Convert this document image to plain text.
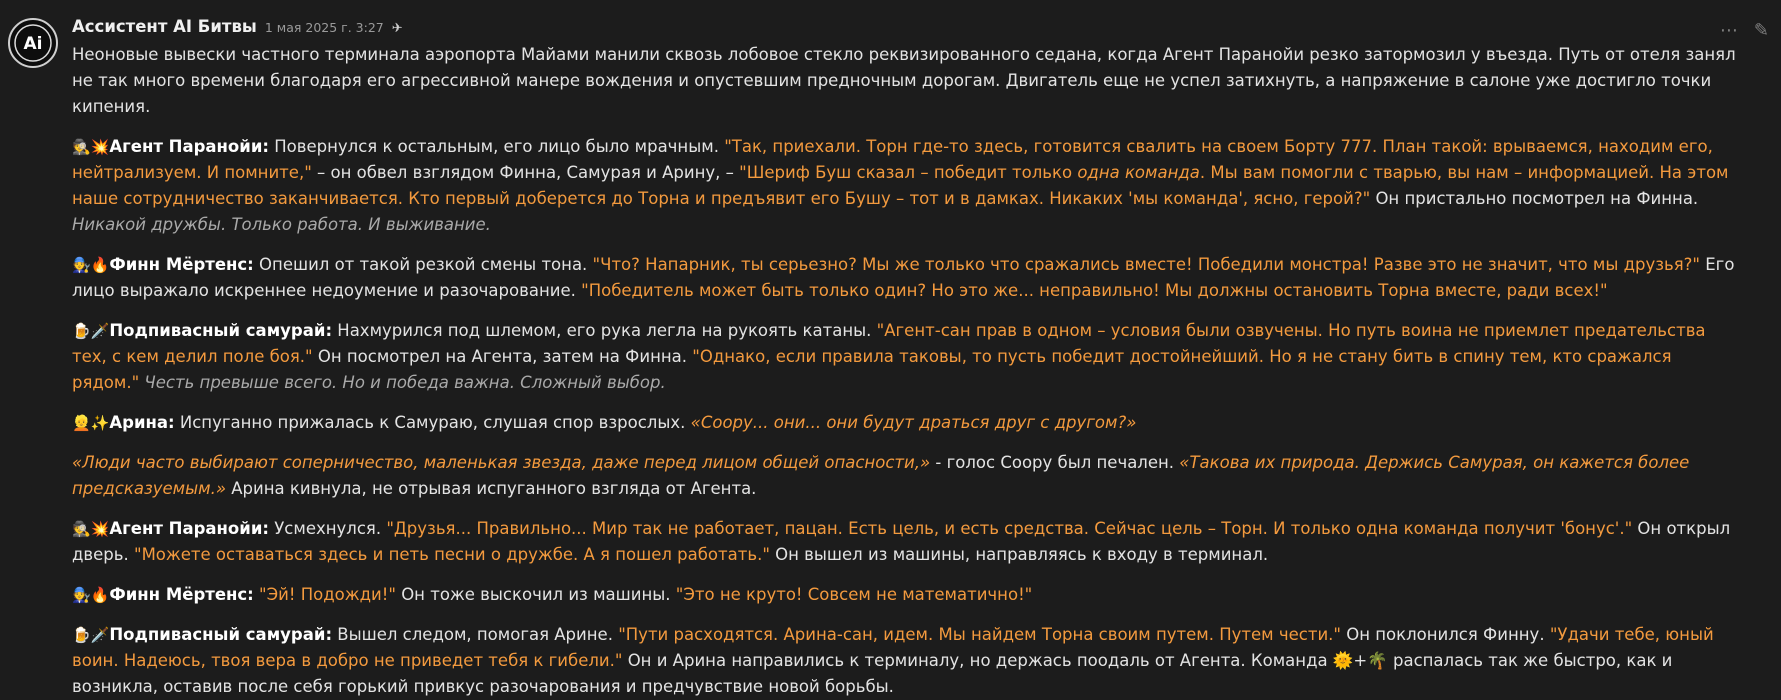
Ai
⋯ ✎
Ассистент AI Битвы 1 мая 2025 г. 3:27 ✈

Неоновые вывески частного терминала аэропорта Майами манили сквозь лобовое стекло реквизированного седана, когда Агент Паранойи резко затормозил у въезда. Путь от отеля занял не так много времени благодаря его агрессивной манере вождения и опустевшим предночным дорогам. Двигатель еще не успел затихнуть, а напряжение в салоне уже достигло точки кипения.

🕵️💥Агент Паранойи: Повернулся к остальным, его лицо было мрачным. "Так, приехали. Торн где-то здесь, готовится свалить на своем Борту 777. План такой: врываемся, находим его, нейтрализуем. И помните," – он обвел взглядом Финна, Самурая и Арину, – "Шериф Буш сказал – победит только одна команда. Мы вам помогли с тварью, вы нам – информацией. На этом наше сотрудничество заканчивается. Кто первый доберется до Торна и предъявит его Бушу – тот и в дамках. Никаких 'мы команда', ясно, герой?" Он пристально посмотрел на Финна. Никакой дружбы. Только работа. И выживание.

🧑‍🔧🔥Финн Мёртенс: Опешил от такой резкой смены тона. "Что? Напарник, ты серьезно? Мы же только что сражались вместе! Победили монстра! Разве это не значит, что мы друзья?" Его лицо выражало искреннее недоумение и разочарование. "Победитель может быть только один? Но это же... неправильно! Мы должны остановить Торна вместе, ради всех!"

🍺🗡️Подпивасный самурай: Нахмурился под шлемом, его рука легла на рукоять катаны. "Агент-сан прав в одном – условия были озвучены. Но путь воина не приемлет предательства тех, с кем делил поле боя." Он посмотрел на Агента, затем на Финна. "Однако, если правила таковы, то пусть победит достойнейший. Но я не стану бить в спину тем, кто сражался рядом." Честь превыше всего. Но и победа важна. Сложный выбор.

👱✨Арина: Испуганно прижалась к Самураю, слушая спор взрослых. «Соору... они... они будут драться друг с другом?»

«Люди часто выбирают соперничество, маленькая звезда, даже перед лицом общей опасности,» - голос Соору был печален. «Такова их природа. Держись Самурая, он кажется более предсказуемым.» Арина кивнула, не отрывая испуганного взгляда от Агента.

🕵️💥Агент Паранойи: Усмехнулся. "Друзья... Правильно... Мир так не работает, пацан. Есть цель, и есть средства. Сейчас цель – Торн. И только одна команда получит 'бонус'." Он открыл дверь. "Можете оставаться здесь и петь песни о дружбе. А я пошел работать." Он вышел из машины, направляясь к входу в терминал.

🧑‍🔧🔥Финн Мёртенс: "Эй! Подожди!" Он тоже выскочил из машины. "Это не круто! Совсем не математично!"

🍺🗡️Подпивасный самурай: Вышел следом, помогая Арине. "Пути расходятся. Арина-сан, идем. Мы найдем Торна своим путем. Путем чести." Он поклонился Финну. "Удачи тебе, юный воин. Надеюсь, твоя вера в добро не приведет тебя к гибели." Он и Арина направились к терминалу, но держась поодаль от Агента. Команда 🌞+🌴 распалась так же быстро, как и возникла, оставив после себя горький привкус разочарования и предчувствие новой борьбы.
